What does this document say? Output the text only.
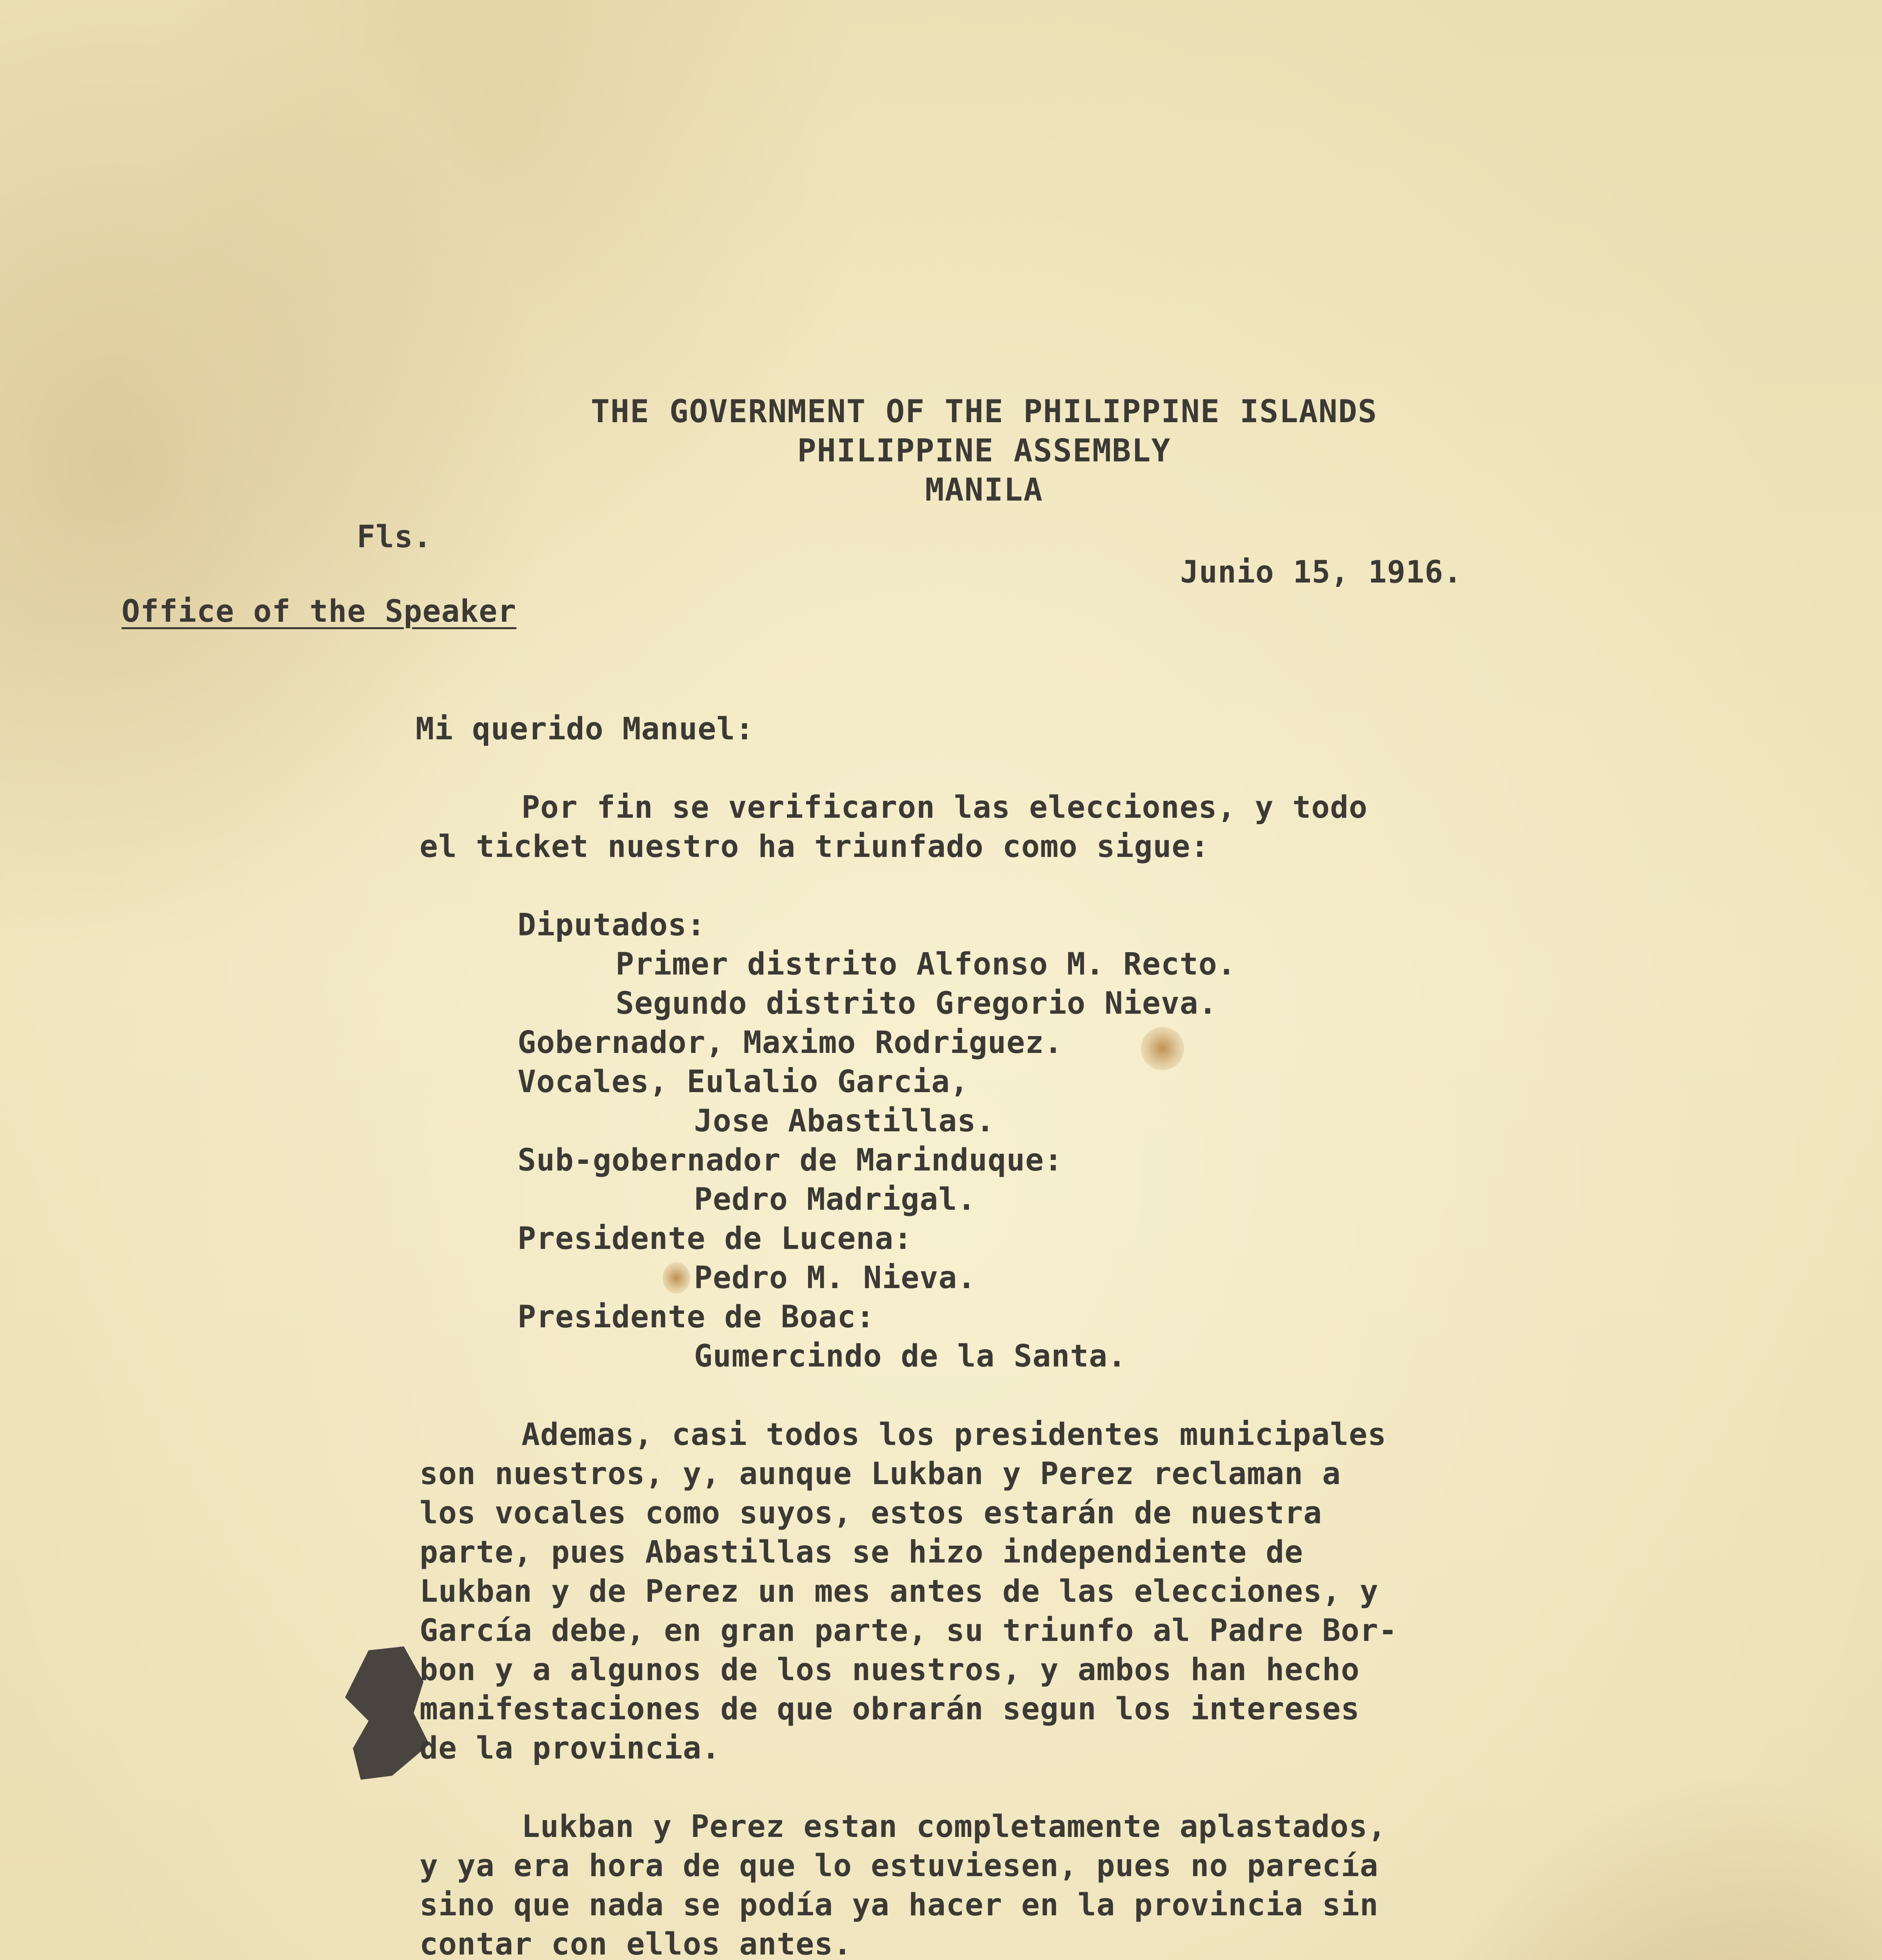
THE GOVERNMENT OF THE PHILIPPINE ISLANDS
PHILIPPINE ASSEMBLY
MANILA
Fls.
Junio 15, 1916.
Office of the Speaker
Mi querido Manuel:
Por fin se verificaron las elecciones, y todo
el ticket nuestro ha triunfado como sigue:
Diputados:
Primer distrito Alfonso M. Recto.
Segundo distrito Gregorio Nieva.
Gobernador, Maximo Rodriguez.
Vocales, Eulalio Garcia,
Jose Abastillas.
Sub-gobernador de Marinduque:
Pedro Madrigal.
Presidente de Lucena:
Pedro M. Nieva.
Presidente de Boac:
Gumercindo de la Santa.
Ademas, casi todos los presidentes municipales
son nuestros, y, aunque Lukban y Perez reclaman a
los vocales como suyos, estos estarán de nuestra
parte, pues Abastillas se hizo independiente de
Lukban y de Perez un mes antes de las elecciones, y
García debe, en gran parte, su triunfo al Padre Bor-
bon y a algunos de los nuestros, y ambos han hecho
manifestaciones de que obrarán segun los intereses
de la provincia.
Lukban y Perez estan completamente aplastados,
y ya era hora de que lo estuviesen, pues no parecía
sino que nada se podía ya hacer en la provincia sin
contar con ellos antes.
